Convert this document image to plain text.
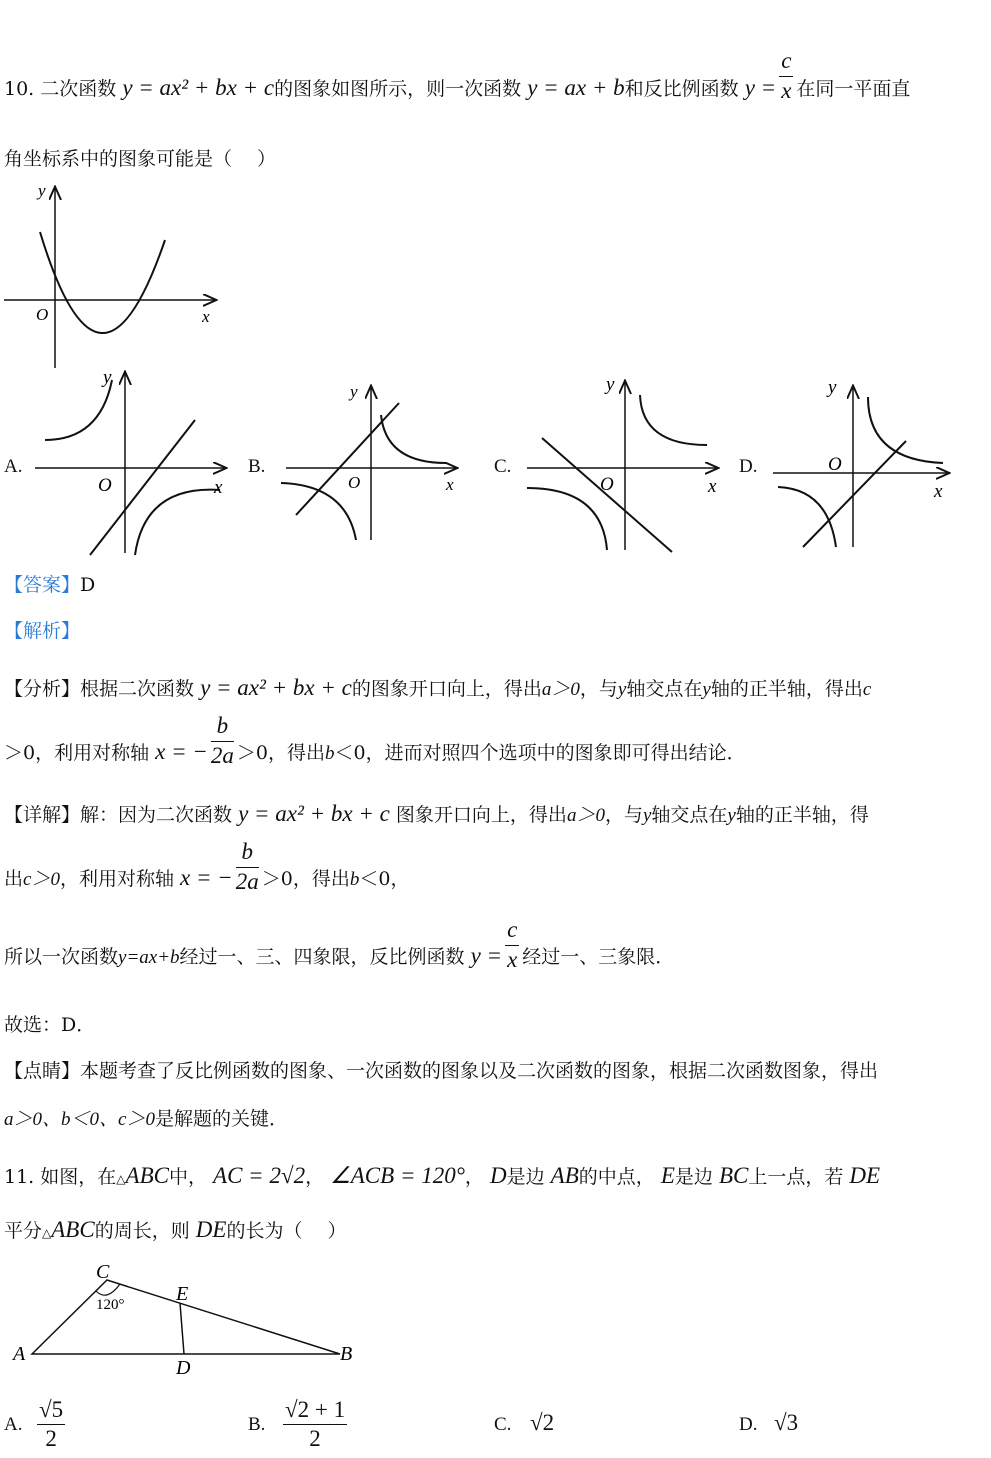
10. 二次函数 y = ax² + bx + c的图象如图所示，则一次函数 y = ax + b和反比例函数 $y = \frac{c}{x}$ 在同一平面直
角坐标系中的图象可能是（　 ）
O	x
y
A.
O	x
y
B.
O	x
y
C.
O	x
y
D.	O
x
y
【答案】D
【解析】
【分析】根据二次函数 y = ax² + bx + c的图象开口向上，得出a＞0，与y轴交点在y轴的正半轴，得出c
＞0，利用对称轴 x = − $\frac{b}{2a} >0$，得出b＜0，进而对照四个选项中的图象即可得出结论．
【详解】解：因为二次函数 y = ax² + bx + c 图象开口向上，得出a＞0，与y轴交点在y轴的正半轴，得
出c＞0，利用对称轴 x = − $\frac{b}{2a} >0$，得出b＜0，
所以一次函数y=ax+b经过一、三、四象限，反比例函数 $y = \frac{c}{x}$ 经过一、三象限．
故选：D．
【点睛】本题考查了反比例函数的图象、一次函数的图象以及二次函数的图象，根据二次函数图象，得出
a＞0、b＜0、c＞0是解题的关键．
11. 如图，在△ABC中， AC = 2√2， ∠ACB = 120°， D是边 AB的中点， E是边 BC上一点，若 DE
平分△ABC的周长，则 DE的长为（　 ）
A
C
B
E
D
120°
A. $\frac{√5}{2}$	B. $\frac{√2 + 1}{2}$	C. √2	D. √3
